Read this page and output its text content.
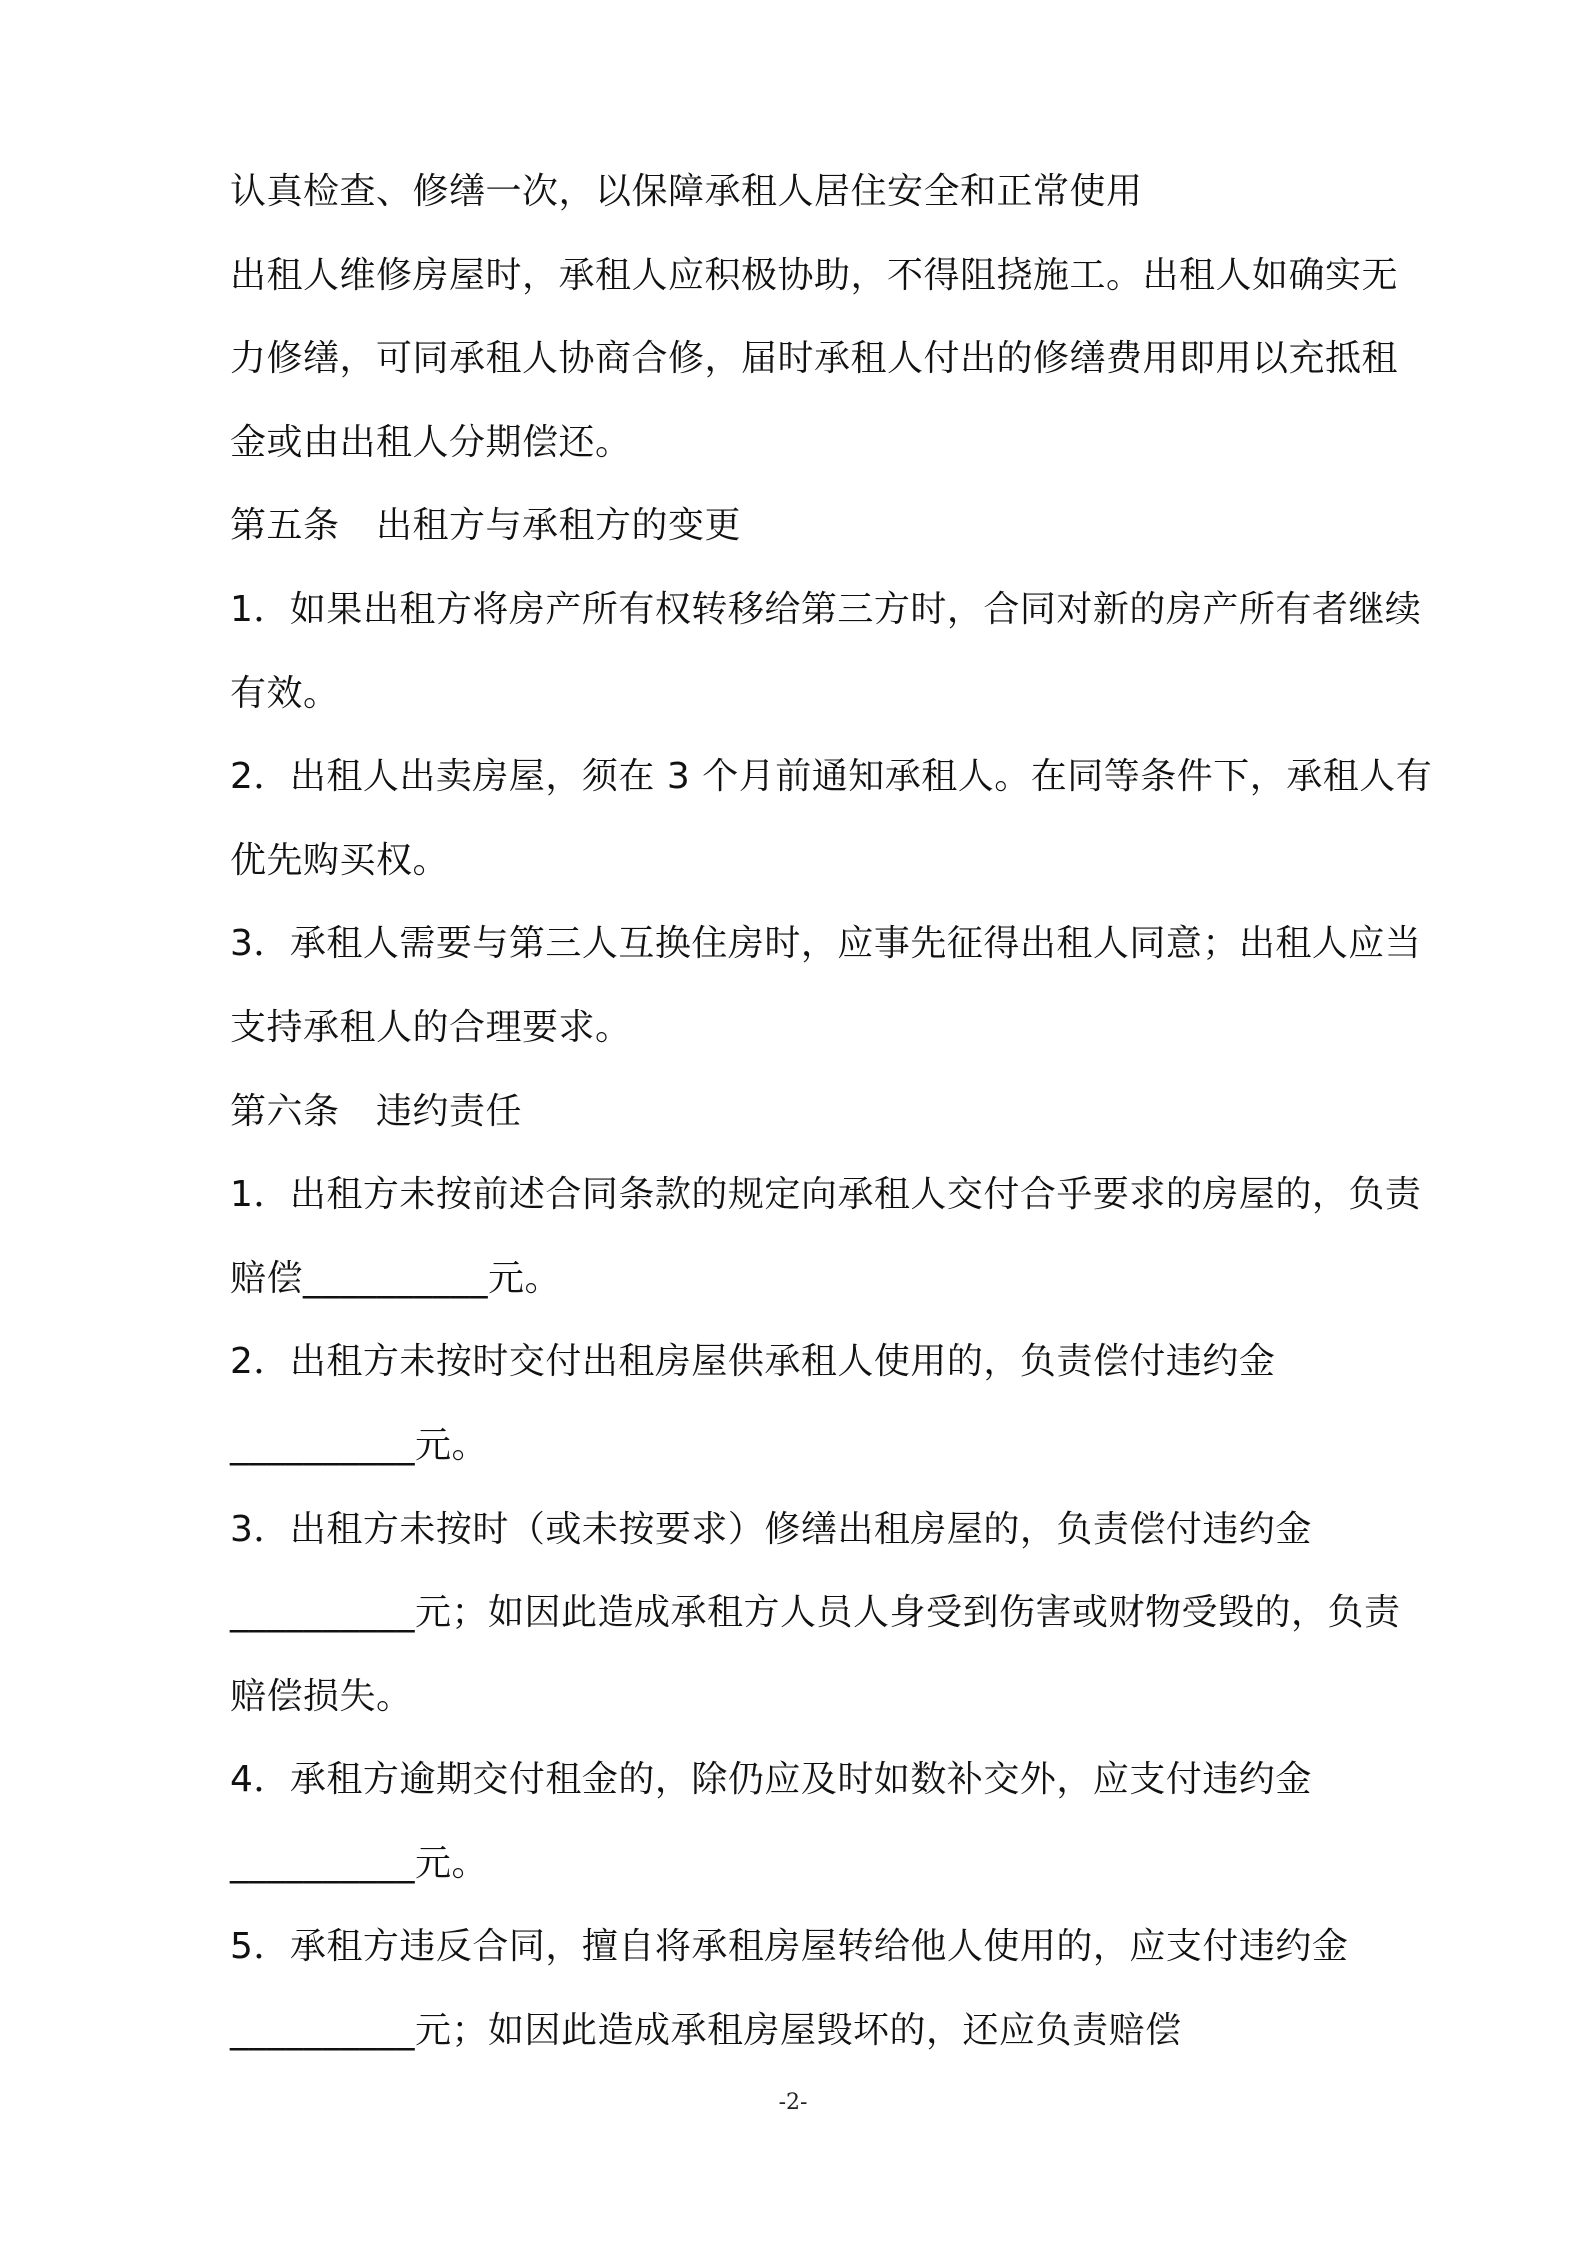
认真检查、修缮一次，以保障承租人居住安全和正常使用
出租人维修房屋时，承租人应积极协助，不得阻挠施工。出租人如确实无
力修缮，可同承租人协商合修，届时承租人付出的修缮费用即用以充抵租
金或由出租人分期偿还。
第五条　出租方与承租方的变更
1．如果出租方将房产所有权转移给第三方时，合同对新的房产所有者继续
有效。
2．出租人出卖房屋，须在 3 个月前通知承租人。在同等条件下，承租人有
优先购买权。
3．承租人需要与第三人互换住房时，应事先征得出租人同意；出租人应当
支持承租人的合理要求。
第六条　违约责任
1．出租方未按前述合同条款的规定向承租人交付合乎要求的房屋的，负责
赔偿__________元。
2．出租方未按时交付出租房屋供承租人使用的，负责偿付违约金
__________元。
3．出租方未按时（或未按要求）修缮出租房屋的，负责偿付违约金
__________元；如因此造成承租方人员人身受到伤害或财物受毁的，负责
赔偿损失。
4．承租方逾期交付租金的，除仍应及时如数补交外，应支付违约金
__________元。
5．承租方违反合同，擅自将承租房屋转给他人使用的，应支付违约金
__________元；如因此造成承租房屋毁坏的，还应负责赔偿
-2-
